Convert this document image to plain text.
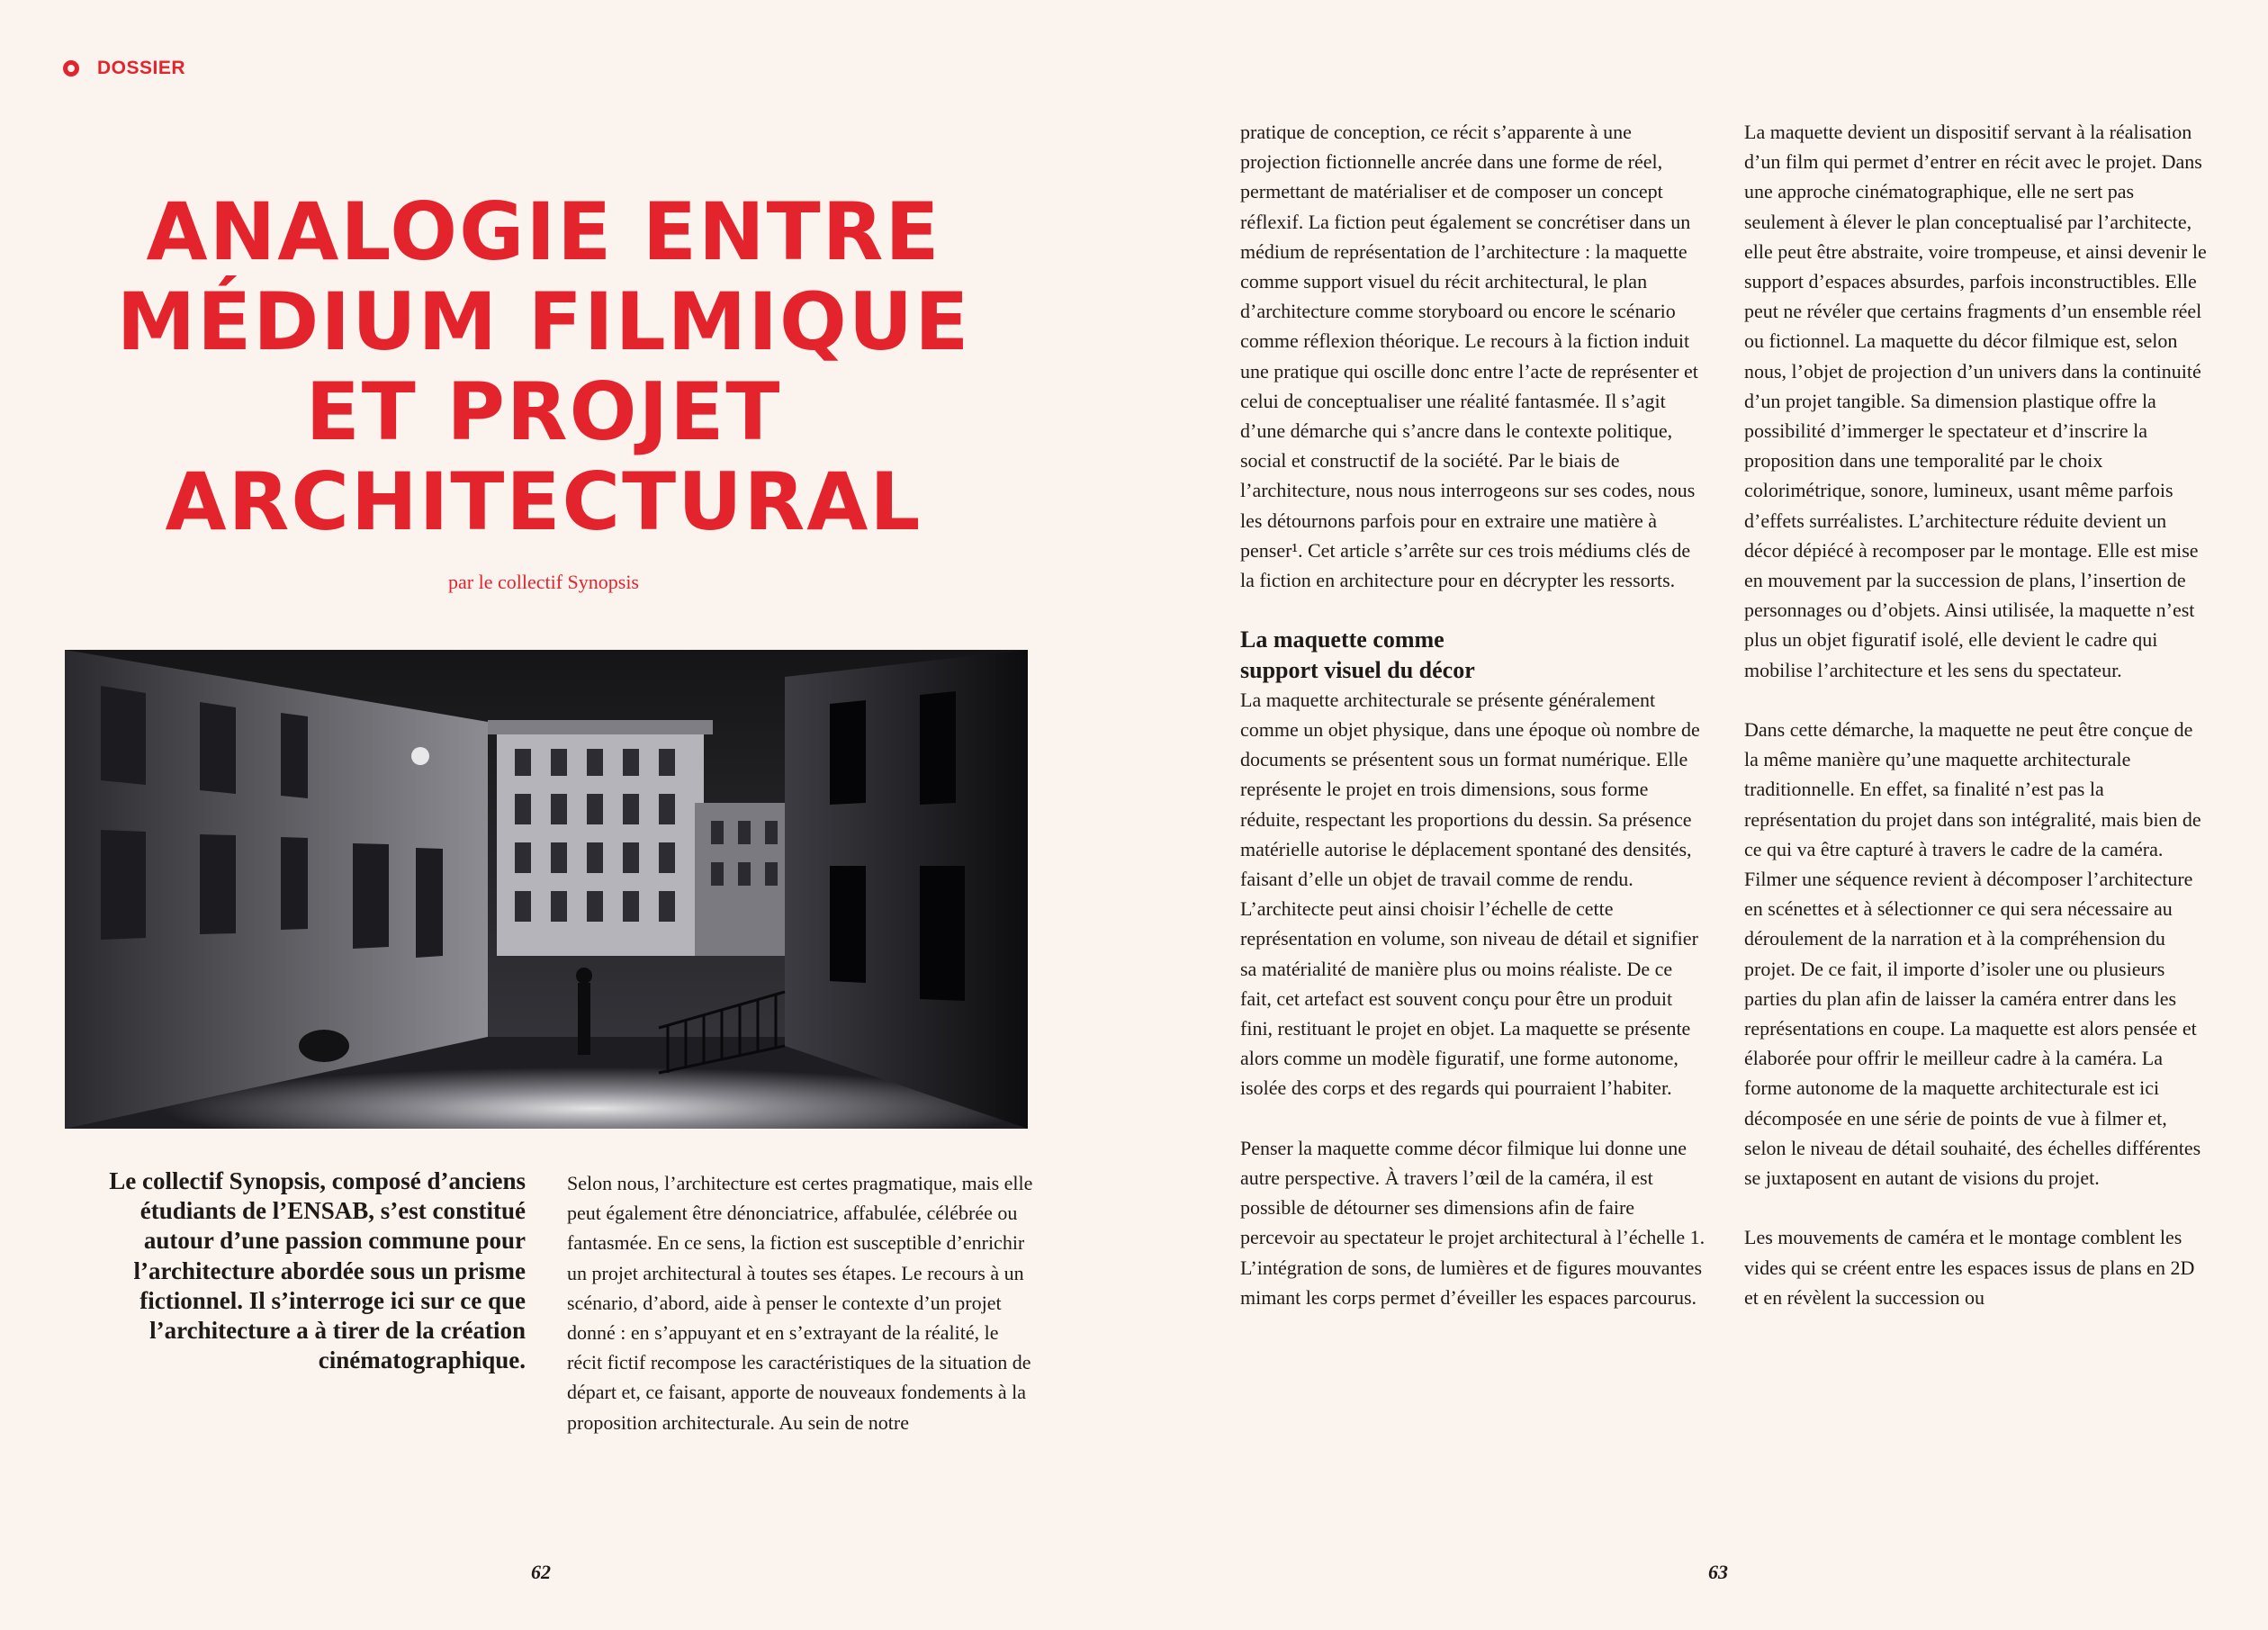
DOSSIER
ANALOGIE ENTRE
MÉDIUM FILMIQUE
ET PROJET
ARCHITECTURAL
par le collectif Synopsis
Le collectif Synopsis, composé d’anciens étudiants de l’ENSAB, s’est constitué autour d’une passion commune pour l’architecture abordée sous un prisme fictionnel. Il s’interroge ici sur ce que l’architecture a à tirer de la création cinématographique.

Selon nous, l’architecture est certes pragmatique, mais elle peut également être dénonciatrice, affabulée, célébrée ou fantasmée. En ce sens, la fiction est susceptible d’enrichir un projet architectural à toutes ses étapes. Le recours à un scénario, d’abord, aide à penser le contexte d’un projet donné : en s’appuyant et en s’extrayant de la réalité, le récit fictif recompose les caractéristiques de la situation de départ et, ce faisant, apporte de nouveaux fondements à la proposition architecturale. Au sein de notre

pratique de conception, ce récit s’apparente à une projection fictionnelle ancrée dans une forme de réel, permettant de matérialiser et de composer un concept réflexif. La fiction peut également se concrétiser dans un médium de représentation de l’architecture : la maquette comme support visuel du récit architectural, le plan d’architecture comme storyboard ou encore le scénario comme réflexion théorique. Le recours à la fiction induit une pratique qui oscille donc entre l’acte de représenter et celui de conceptualiser une réalité fantasmée. Il s’agit d’une démarche qui s’ancre dans le contexte politique, social et constructif de la société. Par le biais de l’architecture, nous nous interrogeons sur ses codes, nous les détournons parfois pour en extraire une matière à penser¹. Cet article s’arrête sur ces trois médiums clés de la fiction en architecture pour en décrypter les ressorts.

La maquette comme
support visuel du décor

La maquette architecturale se présente généralement comme un objet physique, dans une époque où nombre de documents se présentent sous un format numérique. Elle représente le projet en trois dimensions, sous forme réduite, respectant les proportions du dessin. Sa présence matérielle autorise le déplacement spontané des densités, faisant d’elle un objet de travail comme de rendu. L’architecte peut ainsi choisir l’échelle de cette représentation en volume, son niveau de détail et signifier sa matérialité de manière plus ou moins réaliste. De ce fait, cet artefact est souvent conçu pour être un produit fini, restituant le projet en objet. La maquette se présente alors comme un modèle figuratif, une forme autonome, isolée des corps et des regards qui pourraient l’habiter.

Penser la maquette comme décor filmique lui donne une autre perspective. À travers l’œil de la caméra, il est possible de détourner ses dimensions afin de faire percevoir au spectateur le projet architectural à l’échelle 1. L’intégration de sons, de lumières et de figures mouvantes mimant les corps permet d’éveiller les espaces parcourus.

La maquette devient un dispositif servant à la réalisation d’un film qui permet d’entrer en récit avec le projet. Dans une approche cinématographique, elle ne sert pas seulement à élever le plan conceptualisé par l’architecte, elle peut être abstraite, voire trompeuse, et ainsi devenir le support d’espaces absurdes, parfois inconstructibles. Elle peut ne révéler que certains fragments d’un ensemble réel ou fictionnel. La maquette du décor filmique est, selon nous, l’objet de projection d’un univers dans la continuité d’un projet tangible. Sa dimension plastique offre la possibilité d’immerger le spectateur et d’inscrire la proposition dans une temporalité par le choix colorimétrique, sonore, lumineux, usant même parfois d’effets surréalistes. L’architecture réduite devient un décor dépiécé à recomposer par le montage. Elle est mise en mouvement par la succession de plans, l’insertion de personnages ou d’objets. Ainsi utilisée, la maquette n’est plus un objet figuratif isolé, elle devient le cadre qui mobilise l’architecture et les sens du spectateur.

Dans cette démarche, la maquette ne peut être conçue de la même manière qu’une maquette architecturale traditionnelle. En effet, sa finalité n’est pas la représentation du projet dans son intégralité, mais bien de ce qui va être capturé à travers le cadre de la caméra. Filmer une séquence revient à décomposer l’architecture en scénettes et à sélectionner ce qui sera nécessaire au déroulement de la narration et à la compréhension du projet. De ce fait, il importe d’isoler une ou plusieurs parties du plan afin de laisser la caméra entrer dans les représentations en coupe. La maquette est alors pensée et élaborée pour offrir le meilleur cadre à la caméra. La forme autonome de la maquette architecturale est ici décomposée en une série de points de vue à filmer et, selon le niveau de détail souhaité, des échelles différentes se juxtaposent en autant de visions du projet.

Les mouvements de caméra et le montage comblent les vides qui se créent entre les espaces issus de plans en 2D et en révèlent la succession ou

62	63
